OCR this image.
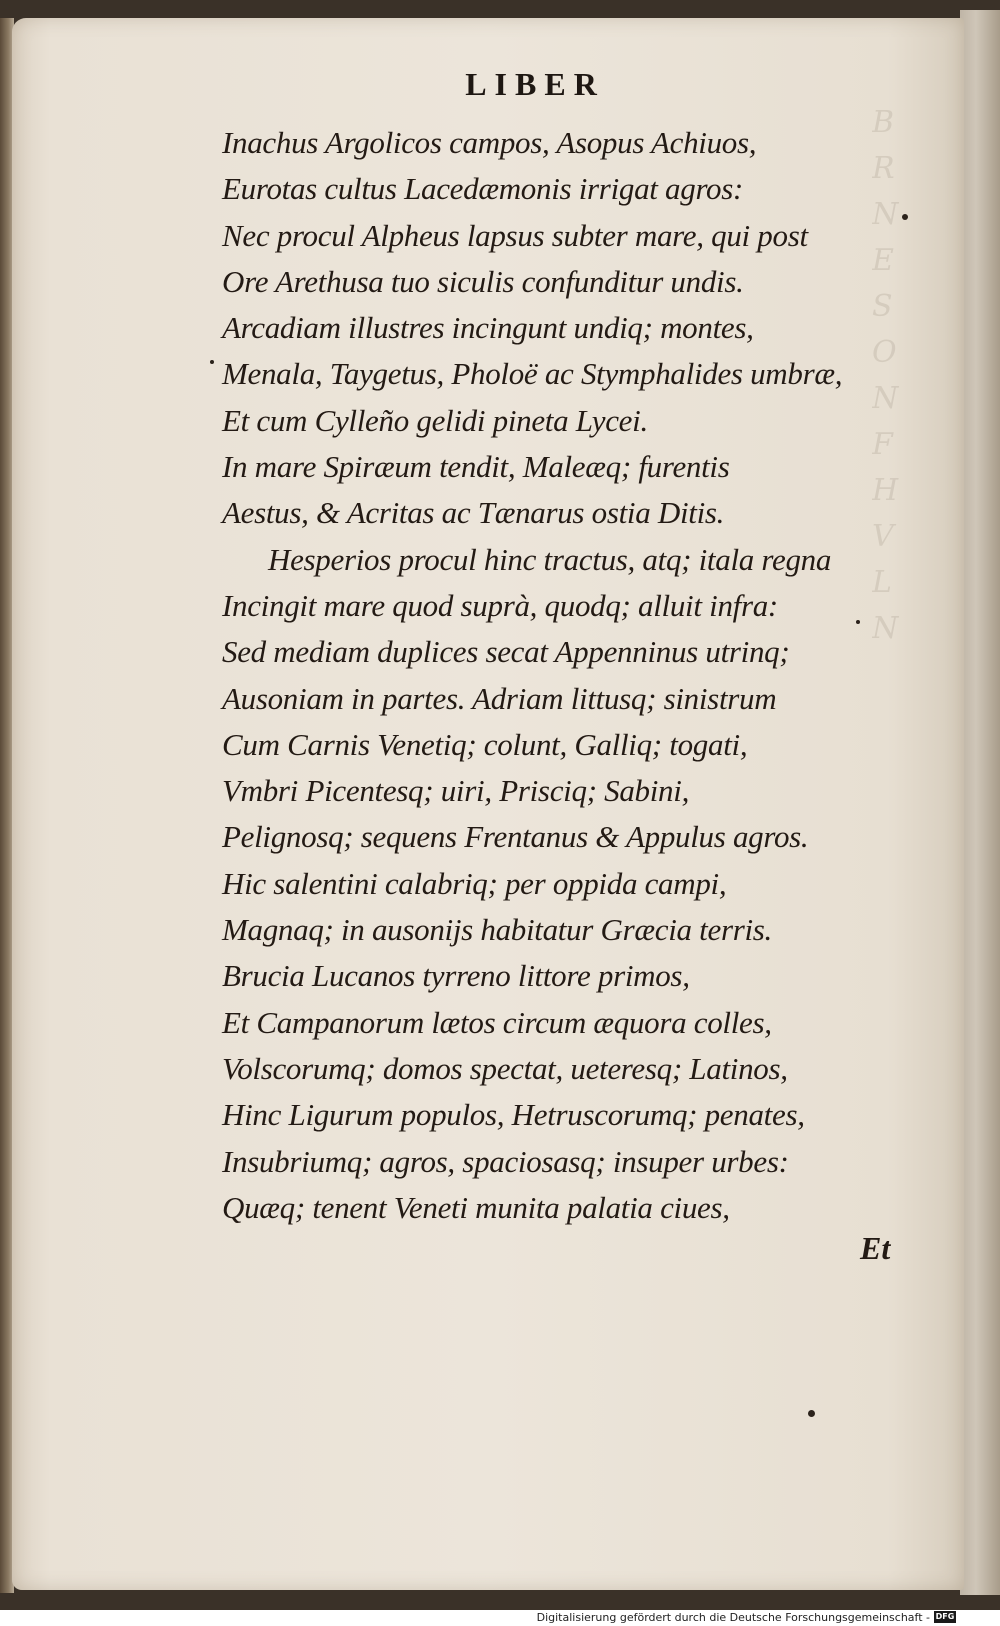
B
R
N
E
S
O
N
F
H
V
L
N
LIBER
Inachus Argolicos campos, Asopus Achiuos,
Eurotas cultus Lacedæmonis irrigat agros:
Nec procul Alpheus lapsus subter mare, qui post
Ore Arethusa tuo siculis confunditur undis.
Arcadiam illustres incingunt undiq; montes,
Menala, Taygetus, Pholoë ac Stymphalides umbræ,
Et cum Cylleño gelidi pineta Lycei.
In mare Spiræum tendit, Maleæq; furentis
Aestus, & Acritas ac Tænarus ostia Ditis.
Hesperios procul hinc tractus, atq; itala regna
Incingit mare quod suprà, quodq; alluit infra:
Sed mediam duplices secat Appenninus utrinq;
Ausoniam in partes. Adriam littusq; sinistrum
Cum Carnis Venetiq; colunt, Galliq; togati,
Vmbri Picentesq; uiri, Prisciq; Sabini,
Pelignosq; sequens Frentanus & Appulus agros.
Hic salentini calabriq; per oppida campi,
Magnaq; in ausonijs habitatur Græcia terris.
Brucia Lucanos tyrreno littore primos,
Et Campanorum lætos circum æquora colles,
Volscorumq; domos spectat, ueteresq; Latinos,
Hinc Ligurum populos, Hetruscorumq; penates,
Insubriumq; agros, spaciosasq; insuper urbes:
Quæq; tenent Veneti munita palatia ciues,
Et
Digitalisierung gefördert durch die Deutsche Forschungsgemeinschaft - DFG
